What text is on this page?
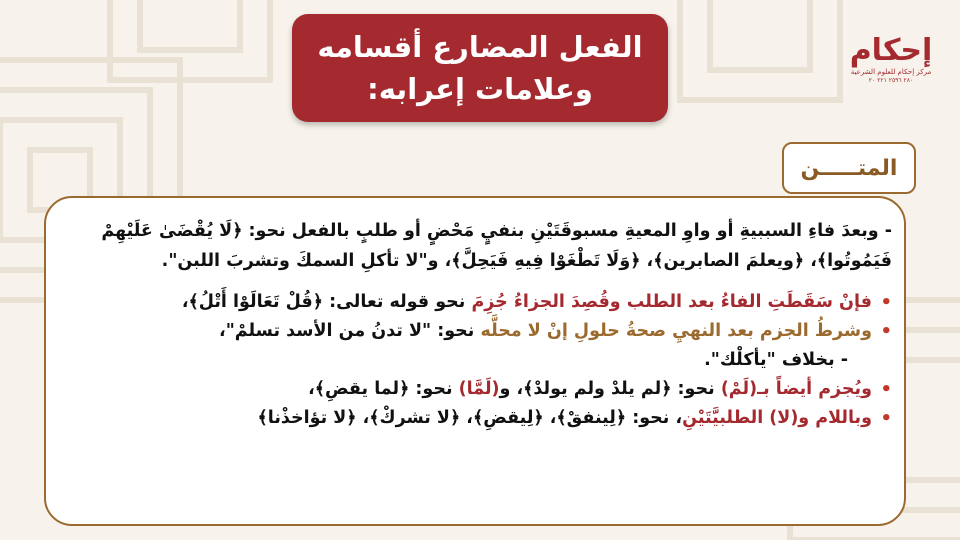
إحكام
مركز إحكام للعلوم الشرعية
٢٨٠ ٢٥٩٦ ٢٢١ ٢٠
الفعل المضارع أقسامه
وعلامات إعرابه:
المتـــــن

- وبعدَ فاءِ السببيةِ أو واوِ المعيةِ مسبوقَتَيْنِ بنفيٍ مَحْضٍ أو طلبٍ بالفعل نحو: ﴿لَا يُقْضَىٰ عَلَيْهِمْ فَيَمُوتُوا﴾، ﴿ويعلمَ الصابرين﴾، ﴿وَلَا تَطْغَوْا فِيهِ فَيَحِلَّ﴾، و"لا تأكلِ السمكَ وتشربَ اللبن".

• فإنْ سَقَطَتِ الفاءُ بعد الطلب وقُصِدَ الجزاءُ جُزِمَ نحو قوله تعالى: ﴿قُلْ تَعَالَوْا أَتْلُ﴾،
• وشرطُ الجزم بعد النهيِ صحةُ حلولِ إنْ لا محلَّه نحو: "لا تدنُ من الأسد تسلمْ"،
- بخلاف "يأكلْك".
• ويُجزم أيضاً بـ(لَمْ) نحو: ﴿لم يلدْ ولم يولدْ﴾، و(لَمَّا) نحو: ﴿لما يقضِ﴾،
• وباللام و(لا) الطلبيَّتَيْنِ، نحو: ﴿لِينفقْ﴾، ﴿لِيقضِ﴾، ﴿لا تشركْ﴾، ﴿لا تؤاخذْنا﴾
